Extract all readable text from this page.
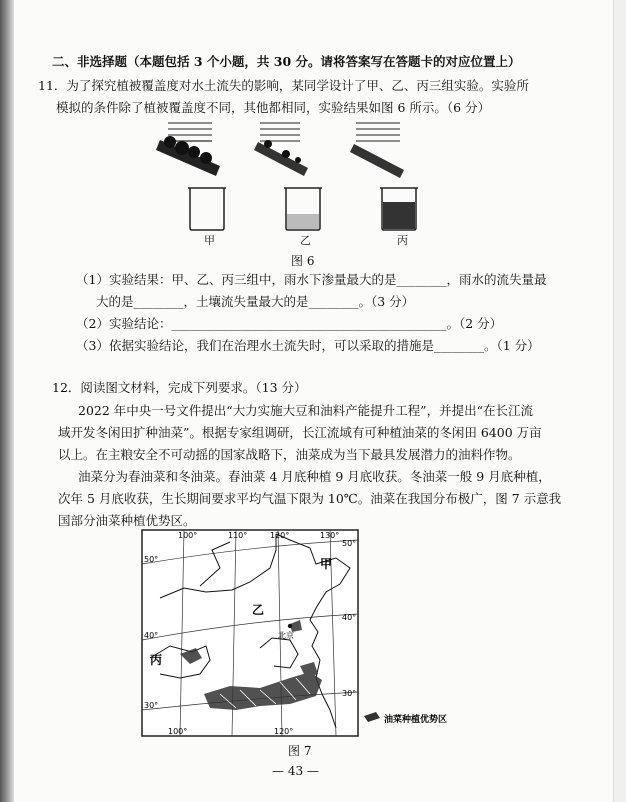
二、非选择题（本题包括 3 个小题，共 30 分。请将答案写在答题卡的对应位置上）
11．为了探究植被覆盖度对水土流失的影响，某同学设计了甲、乙、丙三组实验。实验所
模拟的条件除了植被覆盖度不同，其他都相同，实验结果如图 6 所示。（6 分）
甲	乙	丙
图 6
（1）实验结果：甲、乙、丙三组中，雨水下渗量最大的是________，雨水的流失量最
大的是________，土壤流失量最大的是________。（3 分）
（2）实验结论：____________________________________________。（2 分）
（3）依据实验结论，我们在治理水土流失时，可以采取的措施是________。（1 分）
12．阅读图文材料，完成下列要求。（13 分）
2022 年中央一号文件提出“大力实施大豆和油料产能提升工程”，并提出“在长江流
域开发冬闲田扩种油菜”。根据专家组调研，长江流域有可种植油菜的冬闲田 6400 万亩
以上。在主粮安全不可动摇的国家战略下，油菜成为当下最具发展潜力的油料作物。
油菜分为春油菜和冬油菜。春油菜 4 月底种植 9 月底收获。冬油菜一般 9 月底种植，
次年 5 月底收获，生长期间要求平均气温下限为 10℃。油菜在我国分布极广，图 7 示意我
国部分油菜种植优势区。
100°	110°	120°	130°
50°
40°
30°
50°
40°
30°
100°	120°
甲
乙
丙
北京
油菜种植优势区
图 7
— 43 —
